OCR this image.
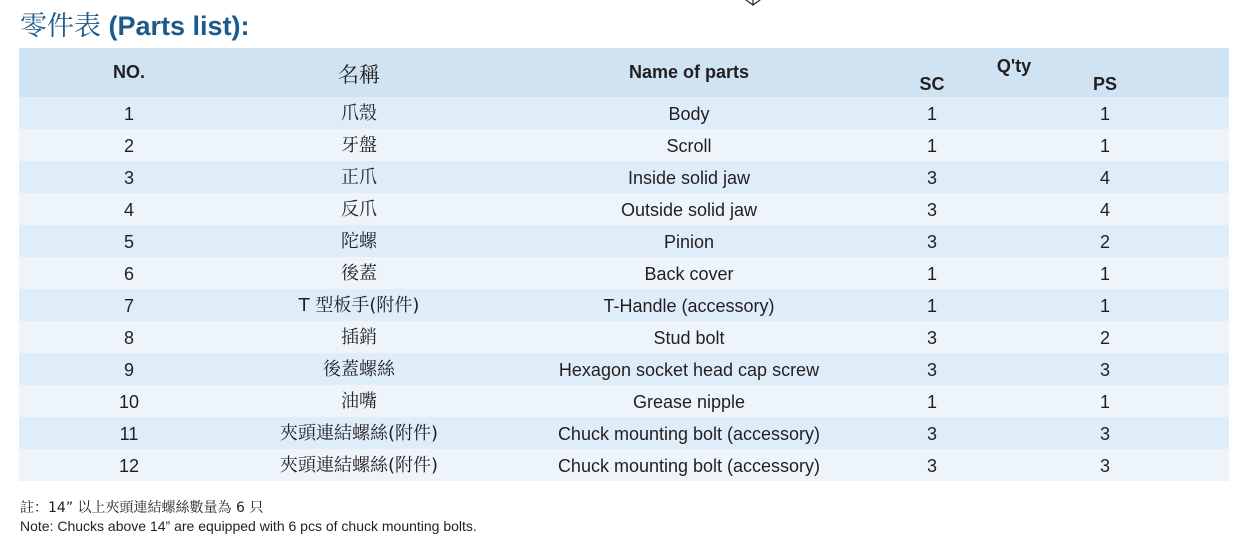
零件表 (Parts list):
NO.	名稱	Name of parts	Q'ty
SC	PS
1	爪殼	Body	1	1
2	牙盤	Scroll	1	1
3	正爪	Inside solid jaw	3	4
4	反爪	Outside solid jaw	3	4
5	陀螺	Pinion	3	2
6	後蓋	Back cover	1	1
7	T 型板手(附件)	T-Handle (accessory)	1	1
8	插銷	Stud bolt	3	2
9	後蓋螺絲	Hexagon socket head cap screw	3	3
10	油嘴	Grease nipple	1	1
11	夾頭連結螺絲(附件)	Chuck mounting bolt (accessory)	3	3
12	夾頭連結螺絲(附件)	Chuck mounting bolt (accessory)	3	3
註：14” 以上夾頭連結螺絲數量為 6 只
Note: Chucks above 14” are equipped with 6 pcs of chuck mounting bolts.
